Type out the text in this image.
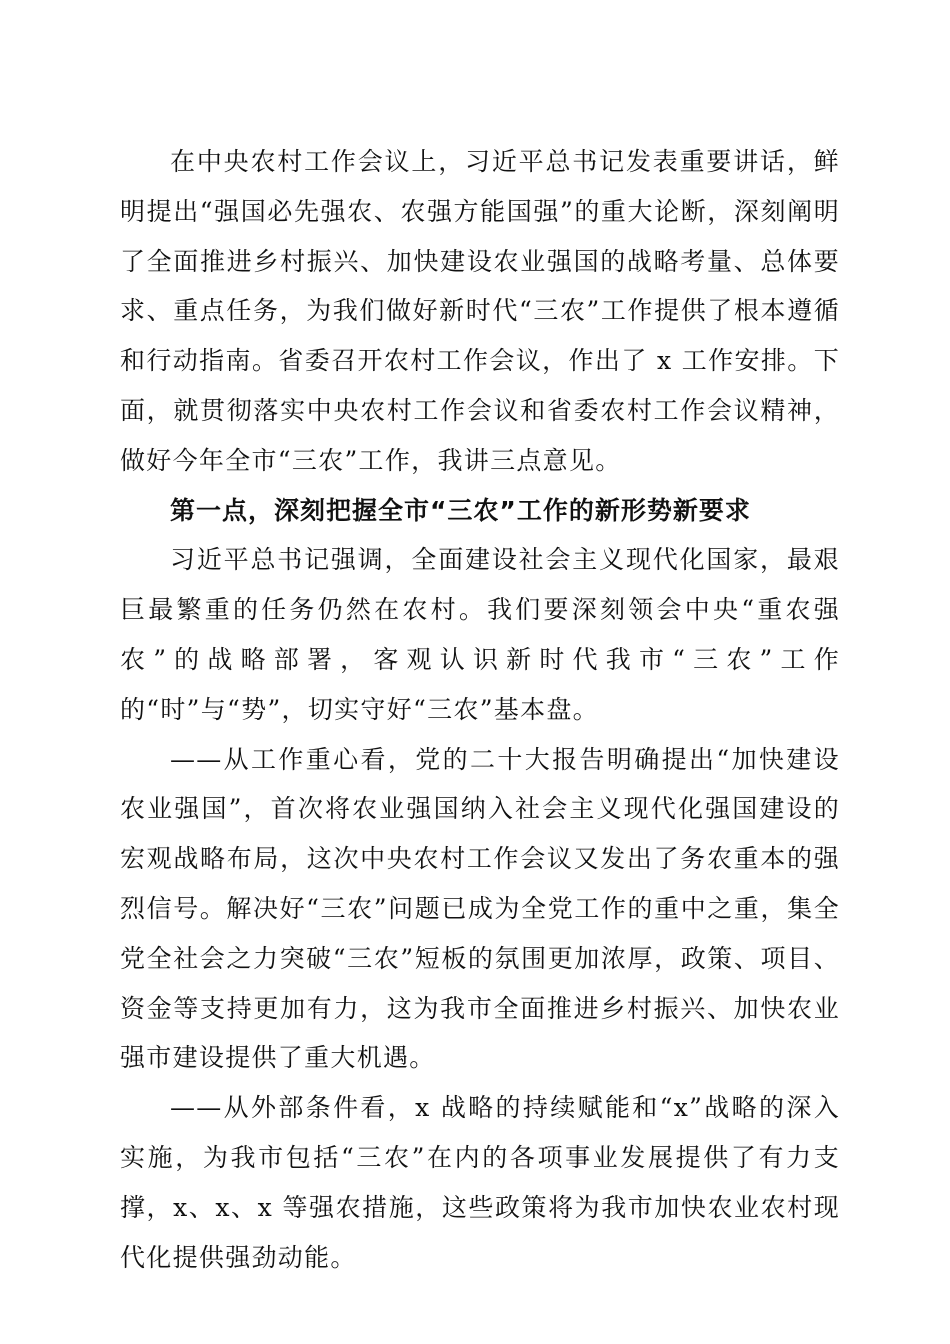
在中央农村工作会议上，习近平总书记发表重要讲话，鲜明提出“强国必先强农、农强方能国强”的重大论断，深刻阐明了全面推进乡村振兴、加快建设农业强国的战略考量、总体要求、重点任务，为我们做好新时代“三农”工作提供了根本遵循和行动指南。省委召开农村工作会议，作出了 x 工作安排。下面，就贯彻落实中央农村工作会议和省委农村工作会议精神，做好今年全市“三农”工作，我讲三点意见。

第一点，深刻把握全市“三农”工作的新形势新要求

习近平总书记强调，全面建设社会主义现代化国家，最艰巨最繁重的任务仍然在农村。我们要深刻领会中央“重农强农”的战略部署，客观认识新时代我市“三农”工作的“时”与“势”，切实守好“三农”基本盘。

——从工作重心看，党的二十大报告明确提出“加快建设农业强国”，首次将农业强国纳入社会主义现代化强国建设的宏观战略布局，这次中央农村工作会议又发出了务农重本的强烈信号。解决好“三农”问题已成为全党工作的重中之重，集全党全社会之力突破“三农”短板的氛围更加浓厚，政策、项目、资金等支持更加有力，这为我市全面推进乡村振兴、加快农业强市建设提供了重大机遇。

——从外部条件看，x 战略的持续赋能和“x”战略的深入实施，为我市包括“三农”在内的各项事业发展提供了有力支撑，x、x、x 等强农措施，这些政策将为我市加快农业农村现代化提供强劲动能。
